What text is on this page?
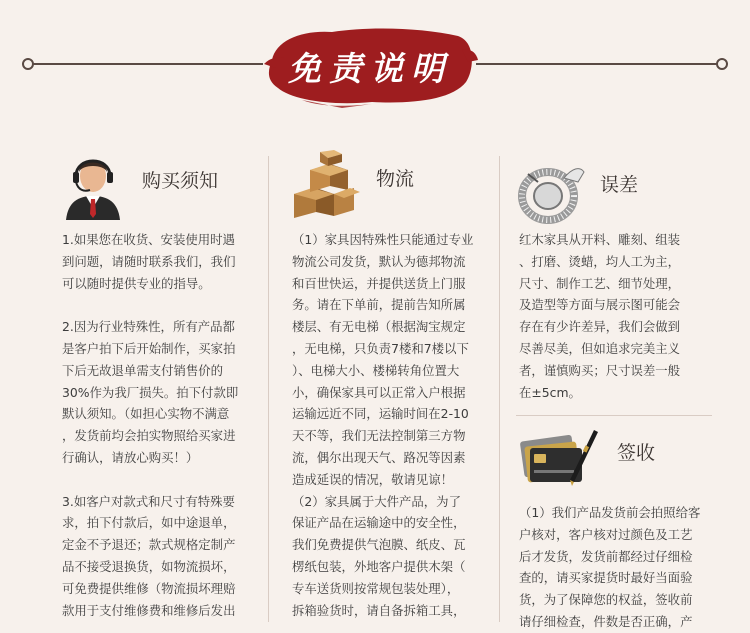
免责说明
购买须知

1.如果您在收货、安装使用时遇
到问题，请随时联系我们，我们
可以随时提供专业的指导。

2.因为行业特殊性，所有产品都
是客户拍下后开始制作，买家拍
下后无故退单需支付销售价的
30%作为我厂损失。拍下付款即
默认须知。（如担心实物不满意
，发货前均会拍实物照给买家进
行确认，请放心购买！）

3.如客户对款式和尺寸有特殊要
求，拍下付款后，如中途退单，
定金不予退还；款式规格定制产
品不接受退换货，如物流损坏，
可免费提供维修（物流损坏理赔
款用于支付维修费和维修后发出

物流

（1）家具因特殊性只能通过专业
物流公司发货，默认为德邦物流
和百世快运，并提供送货上门服
务。请在下单前，提前告知所属
楼层、有无电梯（根据淘宝规定
，无电梯，只负责7楼和7楼以下
）、电梯大小、楼梯转角位置大
小，确保家具可以正常入户根据
运输远近不同，运输时间在2-10
天不等，我们无法控制第三方物
流，偶尔出现天气、路况等因素
造成延误的情况，敬请见谅！
（2）家具属于大件产品，为了
保证产品在运输途中的安全性，
我们免费提供气泡膜、纸皮、瓦
楞纸包装，外地客户提供木架（
专车送货则按常规包装处理），
拆箱验货时，请自备拆箱工具，

误差

红木家具从开料、雕刻、组装
、打磨、烫蜡，均人工为主，
尺寸、制作工艺、细节处理，
及造型等方面与展示图可能会
存在有少许差异，我们会做到
尽善尽美，但如追求完美主义
者，谨慎购买；尺寸误差一般
在±5cm。

签收

（1）我们产品发货前会拍照给客
户核对，客户核对过颜色及工艺
后才发货，发货前都经过仔细检
查的，请买家提货时最好当面验
货，为了保障您的权益，签收前
请仔细检查，件数是否正确，产
